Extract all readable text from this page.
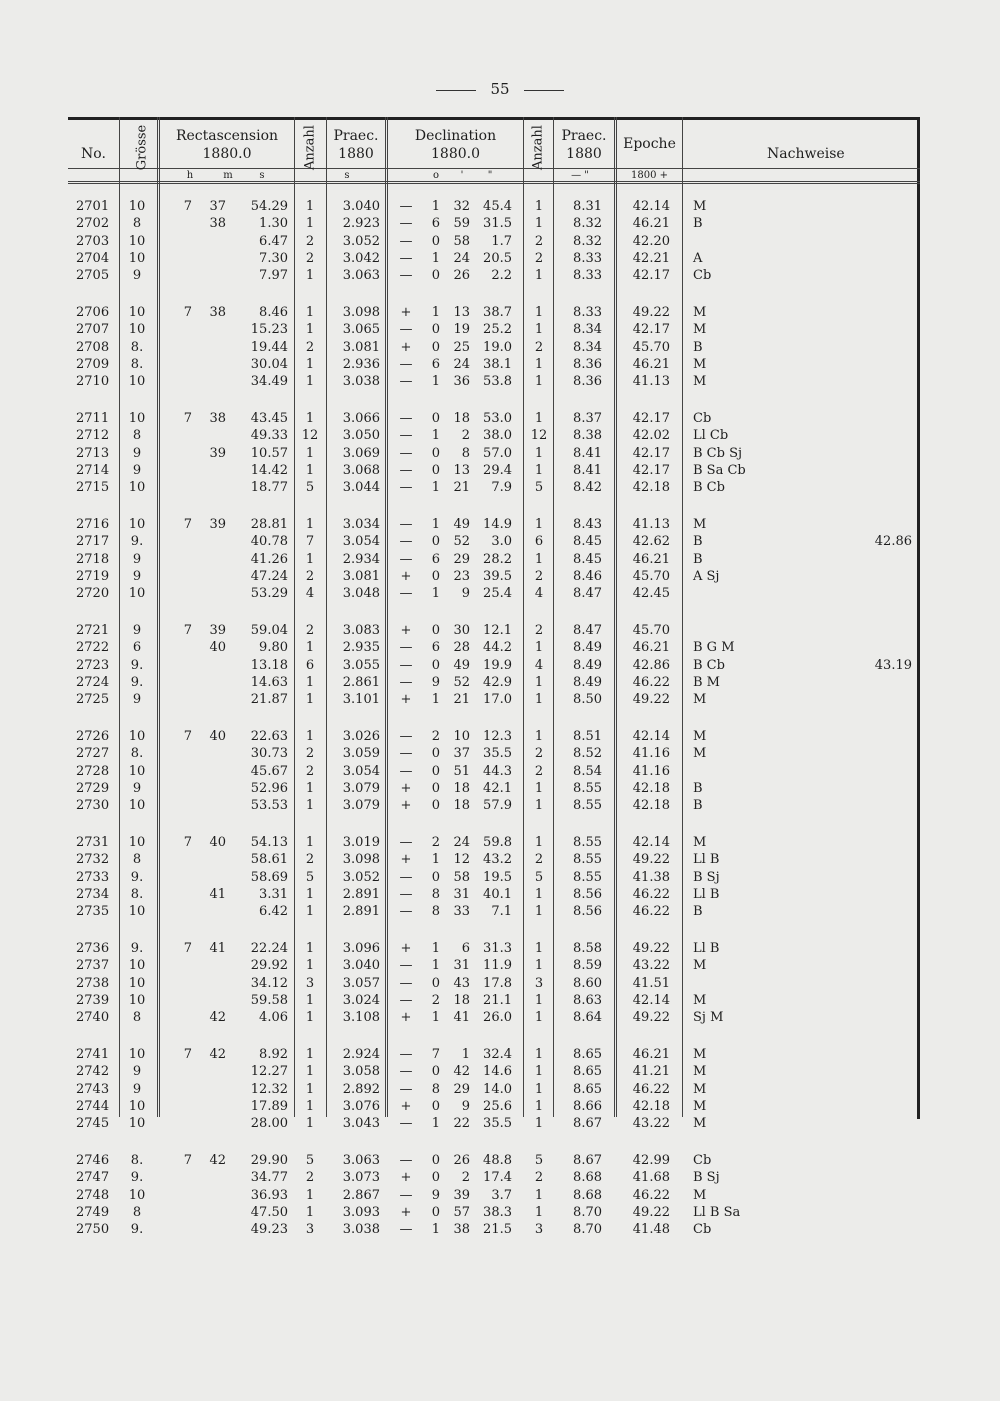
55
No.	Grösse	Rectascension
1880.0
h	m	s
Anzahl	Praec.
1880
s
Declination
1880.0
o	'	"
Anzahl	Praec.
1880
— "
Epoche
1800 +
Nachweise
2701	10	7	37	54.29	1	3.040 —	1	32	45.4	1	8.31	42.14 M
2702	8	38	1.30	1	2.923 —	6	59	31.5	1	8.32	46.21 B
2703	10	6.47	2	3.052 —	0	58	1.7	2	8.32	42.20
2704	10	7.30	2	3.042 —	1	24	20.5	2	8.33	42.21 A
2705	9	7.97	1	3.063 —	0	26	2.2	1	8.33	42.17 Cb
2706	10	7	38	8.46	1	3.098	+	1	13	38.7	1	8.33	49.22 M
2707	10	15.23	1	3.065 —	0	19	25.2	1	8.34	42.17 M
2708	8.	19.44	2	3.081	+	0	25	19.0	2	8.34	45.70 B
2709	8.	30.04	1	2.936 —	6	24	38.1	1	8.36	46.21 M
2710	10	34.49	1	3.038 —	1	36	53.8	1	8.36	41.13 M
2711	10	7	38	43.45	1	3.066 —	0	18	53.0	1	8.37	42.17 Cb
2712	8	49.33 12	3.050 —	1	2	38.0 12	8.38	42.02 Ll Cb
2713	9	39	10.57	1	3.069 —	0	8	57.0	1	8.41	42.17 B Cb Sj
2714	9	14.42	1	3.068 —	0	13	29.4	1	8.41	42.17 B Sa Cb
2715	10	18.77	5	3.044 —	1	21	7.9	5	8.42	42.18 B Cb
2716	10	7	39	28.81	1	3.034 —	1	49	14.9	1	8.43	41.13 M
2717	9.	40.78	7	3.054 —	0	52	3.0	6	8.45	42.62 B	42.86
2718	9	41.26	1	2.934 —	6	29	28.2	1	8.45	46.21 B
2719	9	47.24	2	3.081	+	0	23	39.5	2	8.46	45.70 A Sj
2720	10	53.29	4	3.048 —	1	9	25.4	4	8.47	42.45
2721	9	7	39	59.04	2	3.083	+	0	30	12.1	2	8.47	45.70
2722	6	40	9.80	1	2.935 —	6	28	44.2	1	8.49	46.21 B G M
2723	9.	13.18	6	3.055 —	0	49	19.9	4	8.49	42.86 B Cb	43.19
2724	9.	14.63	1	2.861 —	9	52	42.9	1	8.49	46.22 B M
2725	9	21.87	1	3.101	+	1	21	17.0	1	8.50	49.22 M
2726	10	7	40	22.63	1	3.026 —	2	10	12.3	1	8.51	42.14 M
2727	8.	30.73	2	3.059 —	0	37	35.5	2	8.52	41.16 M
2728	10	45.67	2	3.054 —	0	51	44.3	2	8.54	41.16
2729	9	52.96	1	3.079	+	0	18	42.1	1	8.55	42.18 B
2730	10	53.53	1	3.079	+	0	18	57.9	1	8.55	42.18 B
2731	10	7	40	54.13	1	3.019 —	2	24	59.8	1	8.55	42.14 M
2732	8	58.61	2	3.098	+	1	12	43.2	2	8.55	49.22 Ll B
2733	9.	58.69	5	3.052 —	0	58	19.5	5	8.55	41.38 B Sj
2734	8.	41	3.31	1	2.891 —	8	31	40.1	1	8.56	46.22 Ll B
2735	10	6.42	1	2.891 —	8	33	7.1	1	8.56	46.22 B
2736	9.	7	41	22.24	1	3.096	+	1	6	31.3	1	8.58	49.22 Ll B
2737	10	29.92	1	3.040 —	1	31	11.9	1	8.59	43.22 M
2738	10	34.12	3	3.057 —	0	43	17.8	3	8.60	41.51
2739	10	59.58	1	3.024 —	2	18	21.1	1	8.63	42.14 M
2740	8	42	4.06	1	3.108	+	1	41	26.0	1	8.64	49.22 Sj M
2741	10	7	42	8.92	1	2.924 —	7	1	32.4	1	8.65	46.21 M
2742	9	12.27	1	3.058 —	0	42	14.6	1	8.65	41.21 M
2743	9	12.32	1	2.892 —	8	29	14.0	1	8.65	46.22 M
2744	10	17.89	1	3.076	+	0	9	25.6	1	8.66	42.18 M
2745	10	28.00	1	3.043 —	1	22	35.5	1	8.67	43.22 M
2746	8.	7	42	29.90	5	3.063 —	0	26	48.8	5	8.67	42.99 Cb
2747	9.	34.77	2	3.073	+	0	2	17.4	2	8.68	41.68 B Sj
2748	10	36.93	1	2.867 —	9	39	3.7	1	8.68	46.22 M
2749	8	47.50	1	3.093	+	0	57	38.3	1	8.70	49.22 Ll B Sa
2750	9.	49.23	3	3.038 —	1	38	21.5	3	8.70	41.48 Cb
